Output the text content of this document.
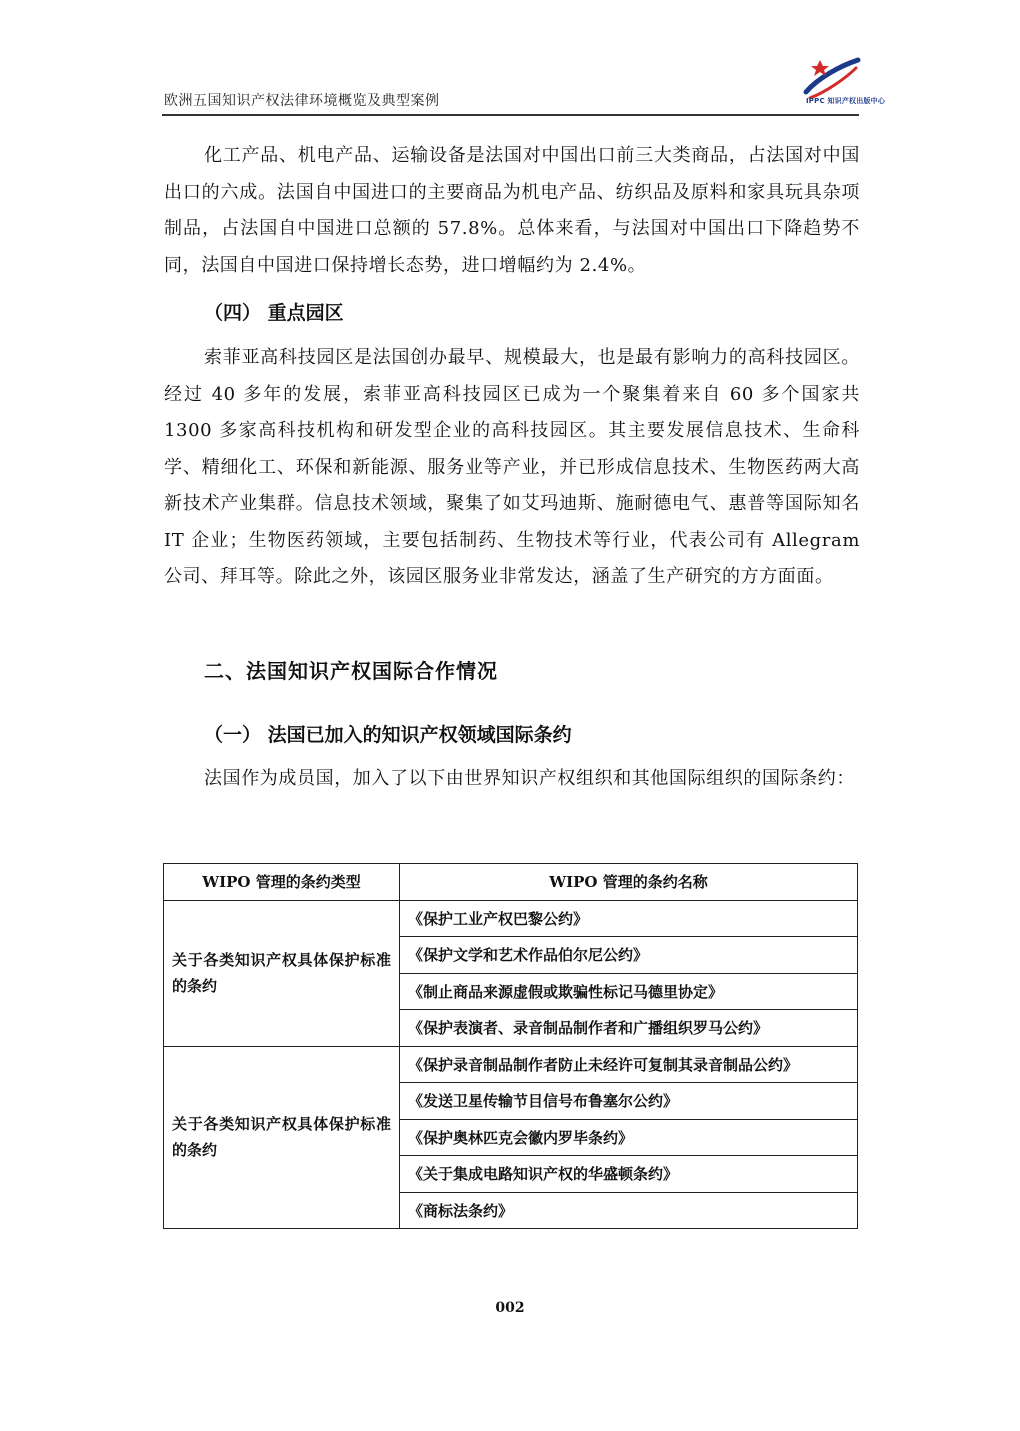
欧洲五国知识产权法律环境概览及典型案例	IPPC 知识产权出版中心

化工产品、机电产品、运输设备是法国对中国出口前三大类商品，占法国对中国出口的六成。法国自中国进口的主要商品为机电产品、纺织品及原料和家具玩具杂项制品，占法国自中国进口总额的 57.8%。总体来看，与法国对中国出口下降趋势不同，法国自中国进口保持增长态势，进口增幅约为 2.4%。

（四） 重点园区

索菲亚高科技园区是法国创办最早、规模最大，也是最有影响力的高科技园区。经过 40 多年的发展，索菲亚高科技园区已成为一个聚集着来自 60 多个国家共 1300 多家高科技机构和研发型企业的高科技园区。其主要发展信息技术、生命科学、精细化工、环保和新能源、服务业等产业，并已形成信息技术、生物医药两大高新技术产业集群。信息技术领域，聚集了如艾玛迪斯、施耐德电气、惠普等国际知名 IT 企业；生物医药领域，主要包括制药、生物技术等行业，代表公司有 Allegram 公司、拜耳等。除此之外，该园区服务业非常发达，涵盖了生产研究的方方面面。

二、法国知识产权国际合作情况
（一） 法国已加入的知识产权领域国际条约

法国作为成员国，加入了以下由世界知识产权组织和其他国际组织的国际条约：

WIPO 管理的条约类型	WIPO 管理的条约名称
关于各类知识产权具体保护标准的条约	《保护工业产权巴黎公约》
	《保护文学和艺术作品伯尔尼公约》
	《制止商品来源虚假或欺骗性标记马德里协定》
	《保护表演者、录音制品制作者和广播组织罗马公约》
关于各类知识产权具体保护标准的条约	《保护录音制品制作者防止未经许可复制其录音制品公约》
	《发送卫星传输节目信号布鲁塞尔公约》
	《保护奥林匹克会徽内罗毕条约》
	《关于集成电路知识产权的华盛顿条约》
	《商标法条约》
002
